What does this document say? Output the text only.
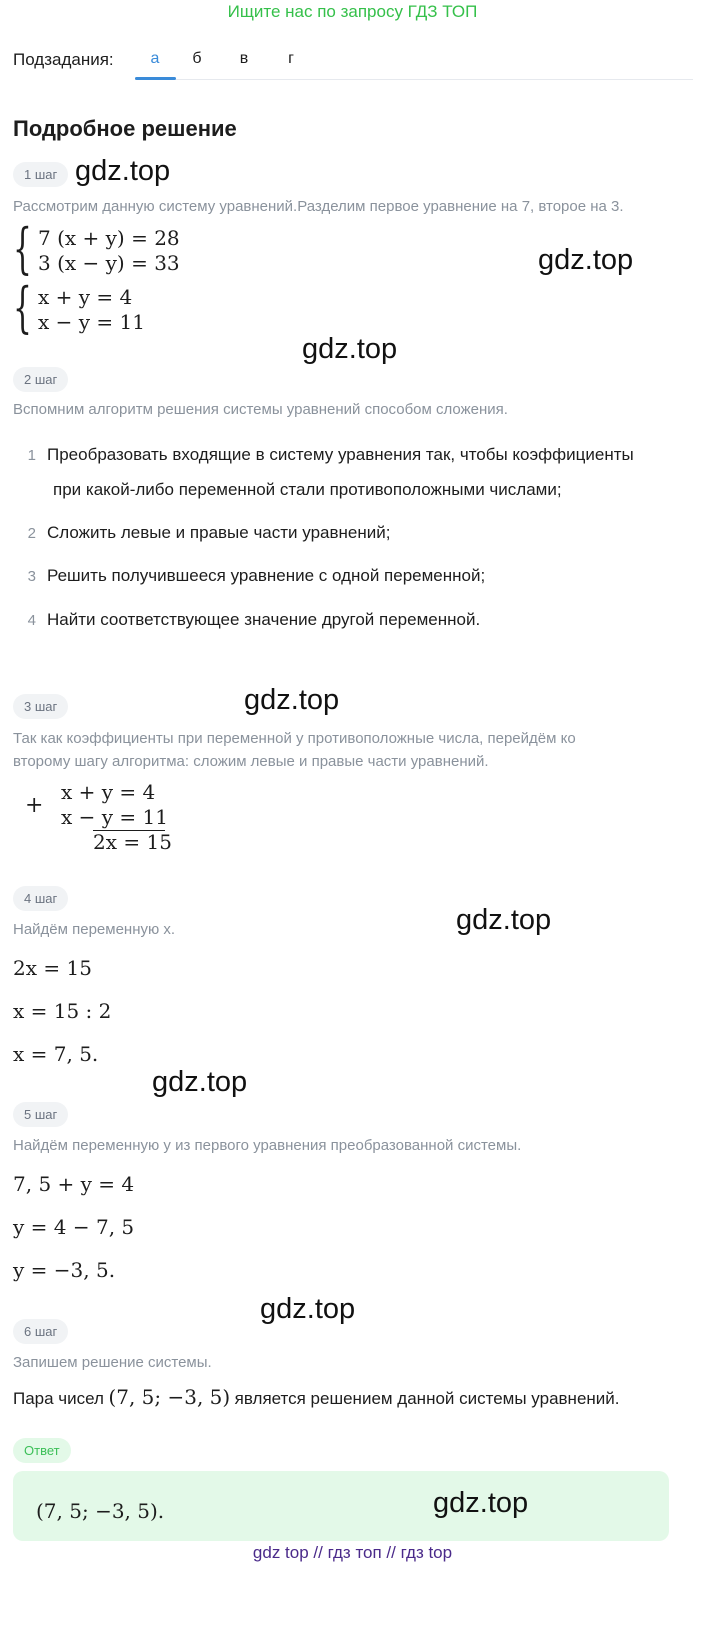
Ищите нас по запросу ГДЗ ТОП
Подзадания:	а	б	в	г
Подробное решение
1 шаг gdz.top
Рассмотрим данную систему уравнений.Разделим первое уравнение на 7, второе на 3.
{ 7 (x + y) = 28
3 (x − y) = 33	gdz.top
{ x + y = 4
x − y = 11
gdz.top
2 шаг
Вспомним алгоритм решения системы уравнений способом сложения.
1 Преобразовать входящие в систему уравнения так, чтобы коэффициенты
при какой-либо переменной стали противоположными числами;
2 Сложить левые и правые части уравнений;
3 Решить получившееся уравнение с одной переменной;
4 Найти соответствующее значение другой переменной.
3 шаг	gdz.top
Так как коэффициенты при переменной y противоположные числа, перейдём ко
второму шагу алгоритма: сложим левые и правые части уравнений.
+
x + y = 4
x − y = 11
2x = 15
4 шаг
gdz.top
Найдём переменную x.
2x = 15
x = 15 : 2
x = 7, 5.
gdz.top
5 шаг
Найдём переменную y из первого уравнения преобразованной системы.
7, 5 + y = 4
y = 4 − 7, 5
y = −3, 5.
gdz.top
6 шаг
Запишем решение системы.
Пара чисел (7, 5; −3, 5) является решением данной системы уравнений.
Ответ
(7, 5; −3, 5).	gdz.top
gdz top // гдз топ // гдз top
